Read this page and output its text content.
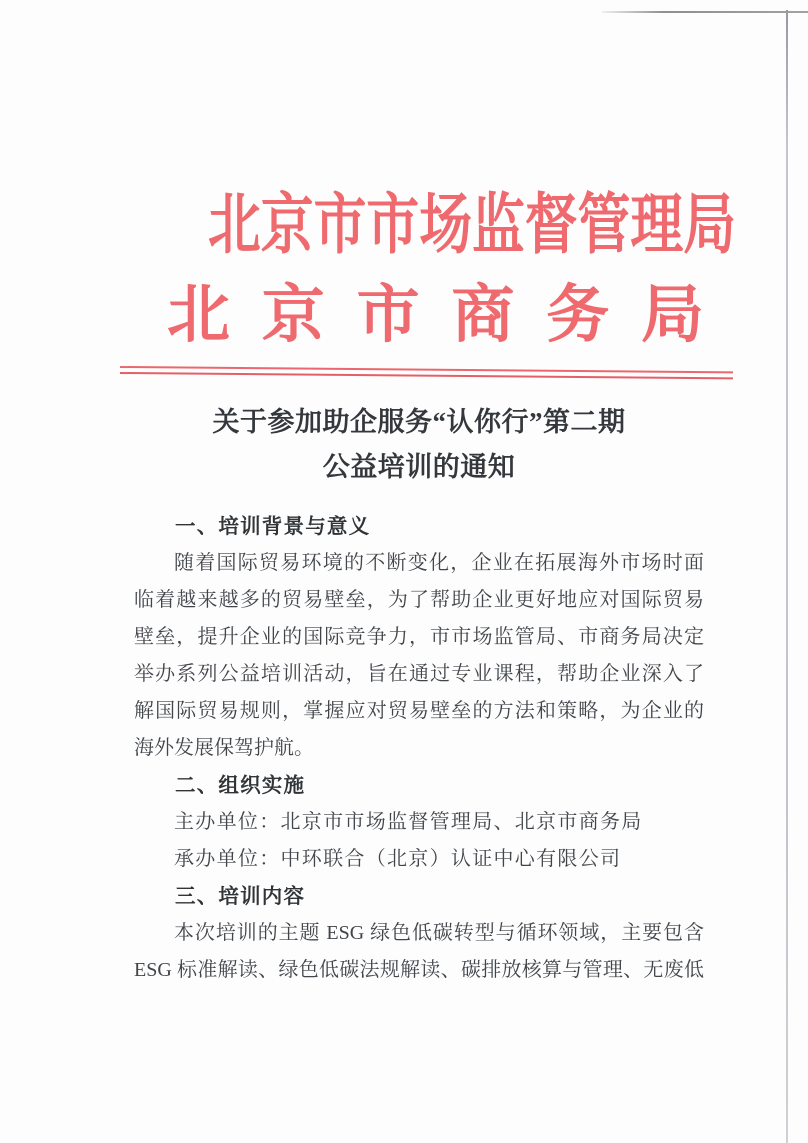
北京市市场监督管理局
北京市商务局
关于参加助企服务“认你行”第二期
公益培训的通知
一、培训背景与意义
随着国际贸易环境的不断变化，企业在拓展海外市场时面
临着越来越多的贸易壁垒，为了帮助企业更好地应对国际贸易
壁垒，提升企业的国际竞争力，市市场监管局、市商务局决定
举办系列公益培训活动，旨在通过专业课程，帮助企业深入了
解国际贸易规则，掌握应对贸易壁垒的方法和策略，为企业的
海外发展保驾护航。
二、组织实施
主办单位：北京市市场监督管理局、北京市商务局
承办单位：中环联合（北京）认证中心有限公司
三、培训内容
本次培训的主题 ESG 绿色低碳转型与循环领域，主要包含
ESG 标准解读、绿色低碳法规解读、碳排放核算与管理、无废低
